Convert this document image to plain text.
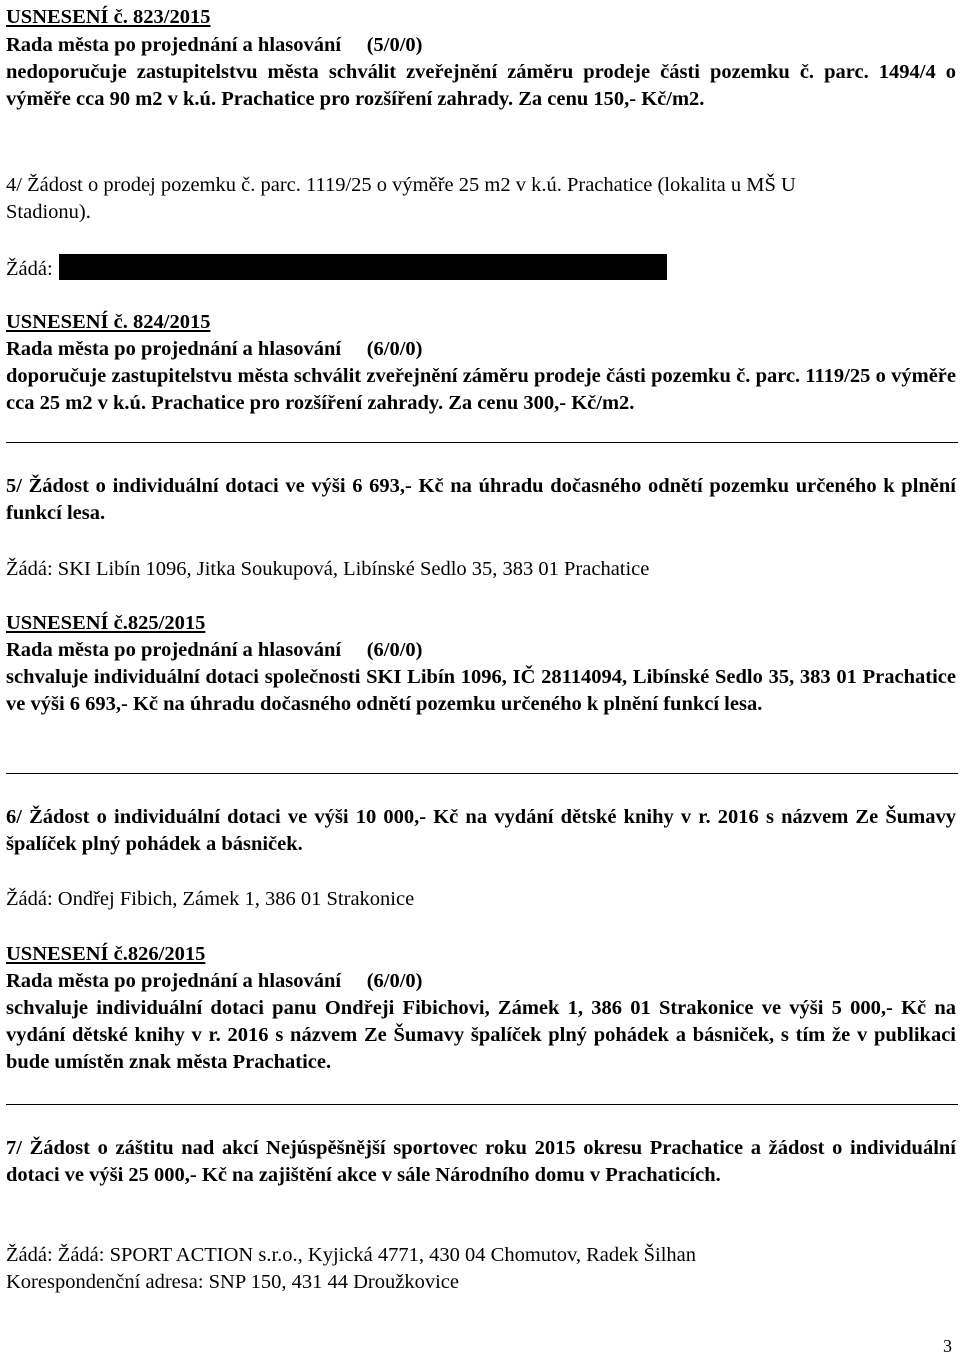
USNESENÍ č. 823/2015
Rada města po projednání a hlasování     (5/0/0)
nedoporučuje zastupitelstvu města schválit zveřejnění záměru prodeje části pozemku č. parc. 1494/4 o výměře cca 90 m2 v k.ú. Prachatice pro rozšíření zahrady. Za cenu 150,- Kč/m2.
4/ Žádost o prodej pozemku č. parc. 1119/25 o výměře 25 m2 v k.ú. Prachatice (lokalita u MŠ U Stadionu).
Žádá:
USNESENÍ č. 824/2015
Rada města po projednání a hlasování     (6/0/0)
doporučuje zastupitelstvu města schválit zveřejnění záměru prodeje části pozemku č. parc. 1119/25 o výměře cca 25 m2 v k.ú. Prachatice pro rozšíření zahrady. Za cenu 300,- Kč/m2.
5/ Žádost o individuální dotaci ve výši 6 693,- Kč na úhradu dočasného odnětí pozemku určeného k plnění funkcí lesa.
Žádá: SKI Libín 1096, Jitka Soukupová, Libínské Sedlo 35, 383 01 Prachatice
USNESENÍ č.825/2015
Rada města po projednání a hlasování     (6/0/0)
schvaluje individuální dotaci společnosti SKI Libín 1096, IČ 28114094, Libínské Sedlo 35, 383 01 Prachatice ve výši 6 693,- Kč na úhradu dočasného odnětí pozemku určeného k plnění funkcí lesa.
6/ Žádost o individuální dotaci ve výši 10 000,- Kč na vydání dětské knihy v r. 2016 s názvem Ze Šumavy špalíček plný pohádek a básniček.
Žádá: Ondřej Fibich, Zámek 1, 386 01 Strakonice
USNESENÍ č.826/2015
Rada města po projednání a hlasování     (6/0/0)
schvaluje individuální dotaci panu Ondřeji Fibichovi, Zámek 1, 386 01 Strakonice ve výši 5 000,- Kč na vydání dětské knihy v r. 2016 s názvem Ze Šumavy špalíček plný pohádek a básniček, s tím že v publikaci bude umístěn znak města Prachatice.
7/ Žádost o záštitu nad akcí Nejúspěšnější sportovec roku 2015 okresu Prachatice a žádost o individuální dotaci ve výši 25 000,- Kč na zajištění akce v sále Národního domu v Prachaticích.
Žádá: Žádá: SPORT ACTION s.r.o., Kyjická 4771, 430 04 Chomutov, Radek Šilhan
Korespondenční adresa: SNP 150, 431 44 Droužkovice
3
